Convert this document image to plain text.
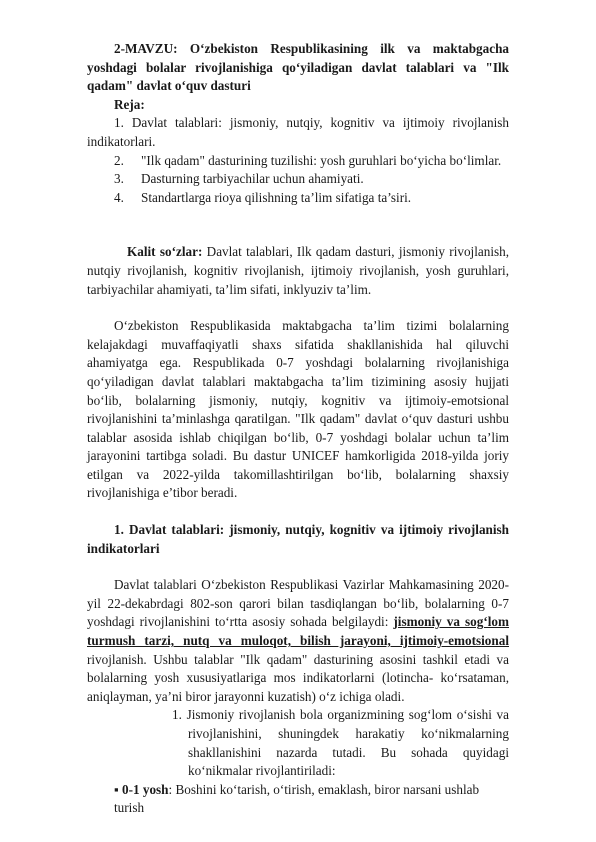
2-MAVZU: O‘zbekiston Respublikasining ilk va maktabgacha yoshdagi bolalar rivojlanishiga qo‘yiladigan davlat talablari va "Ilk qadam" davlat o‘quv dasturi

Reja:

1. Davlat talablari: jismoniy, nutqiy, kognitiv va ijtimoiy rivojlanish indikatorlari.
2. "Ilk qadam" dasturining tuzilishi: yosh guruhlari bo‘yicha bo‘limlar.
3. Dasturning tarbiyachilar uchun ahamiyati.
4. Standartlarga rioya qilishning ta’lim sifatiga ta’siri.

Kalit so‘zlar: Davlat talablari, Ilk qadam dasturi, jismoniy rivojlanish, nutqiy rivojlanish, kognitiv rivojlanish, ijtimoiy rivojlanish, yosh guruhlari, tarbiyachilar ahamiyati, ta’lim sifati, inklyuziv ta’lim.

O‘zbekiston Respublikasida maktabgacha ta’lim tizimi bolalarning kelajakdagi muvaffaqiyatli shaxs sifatida shakllanishida hal qiluvchi ahamiyatga ega. Respublikada 0-7 yoshdagi bolalarning rivojlanishiga qo‘yiladigan davlat talablari maktabgacha ta’lim tizimining asosiy hujjati bo‘lib, bolalarning jismoniy, nutqiy, kognitiv va ijtimoiy-emotsional rivojlanishini ta’minlashga qaratilgan. "Ilk qadam" davlat o‘quv dasturi ushbu talablar asosida ishlab chiqilgan bo‘lib, 0-7 yoshdagi bolalar uchun ta’lim jarayonini tartibga soladi. Bu dastur UNICEF hamkorligida 2018-yilda joriy etilgan va 2022-yilda takomillashtirilgan bo‘lib, bolalarning shaxsiy rivojlanishiga e’tibor beradi.

1. Davlat talablari: jismoniy, nutqiy, kognitiv va ijtimoiy rivojlanish indikatorlari

Davlat talablari O‘zbekiston Respublikasi Vazirlar Mahkamasining 2020-yil 22-dekabrdagi 802-son qarori bilan tasdiqlangan bo‘lib, bolalarning 0-7 yoshdagi rivojlanishini to‘rtta asosiy sohada belgilaydi: jismoniy va sog‘lom turmush tarzi, nutq va muloqot, bilish jarayoni, ijtimoiy-emotsional rivojlanish. Ushbu talablar "Ilk qadam" dasturining asosini tashkil etadi va bolalarning yosh xususiyatlariga mos indikatorlarni (lotincha- ko‘rsataman, aniqlayman, ya’ni biror jarayonni kuzatish) o‘z ichiga oladi.

1. Jismoniy rivojlanish bola organizmining sog‘lom o‘sishi va rivojlanishini, shuningdek harakatiy ko‘nikmalarning shakllanishini nazarda tutadi. Bu sohada quyidagi ko‘nikmalar rivojlantiriladi:

▪ 0-1 yosh: Boshini ko‘tarish, o‘tirish, emaklash, biror narsani ushlab turish
